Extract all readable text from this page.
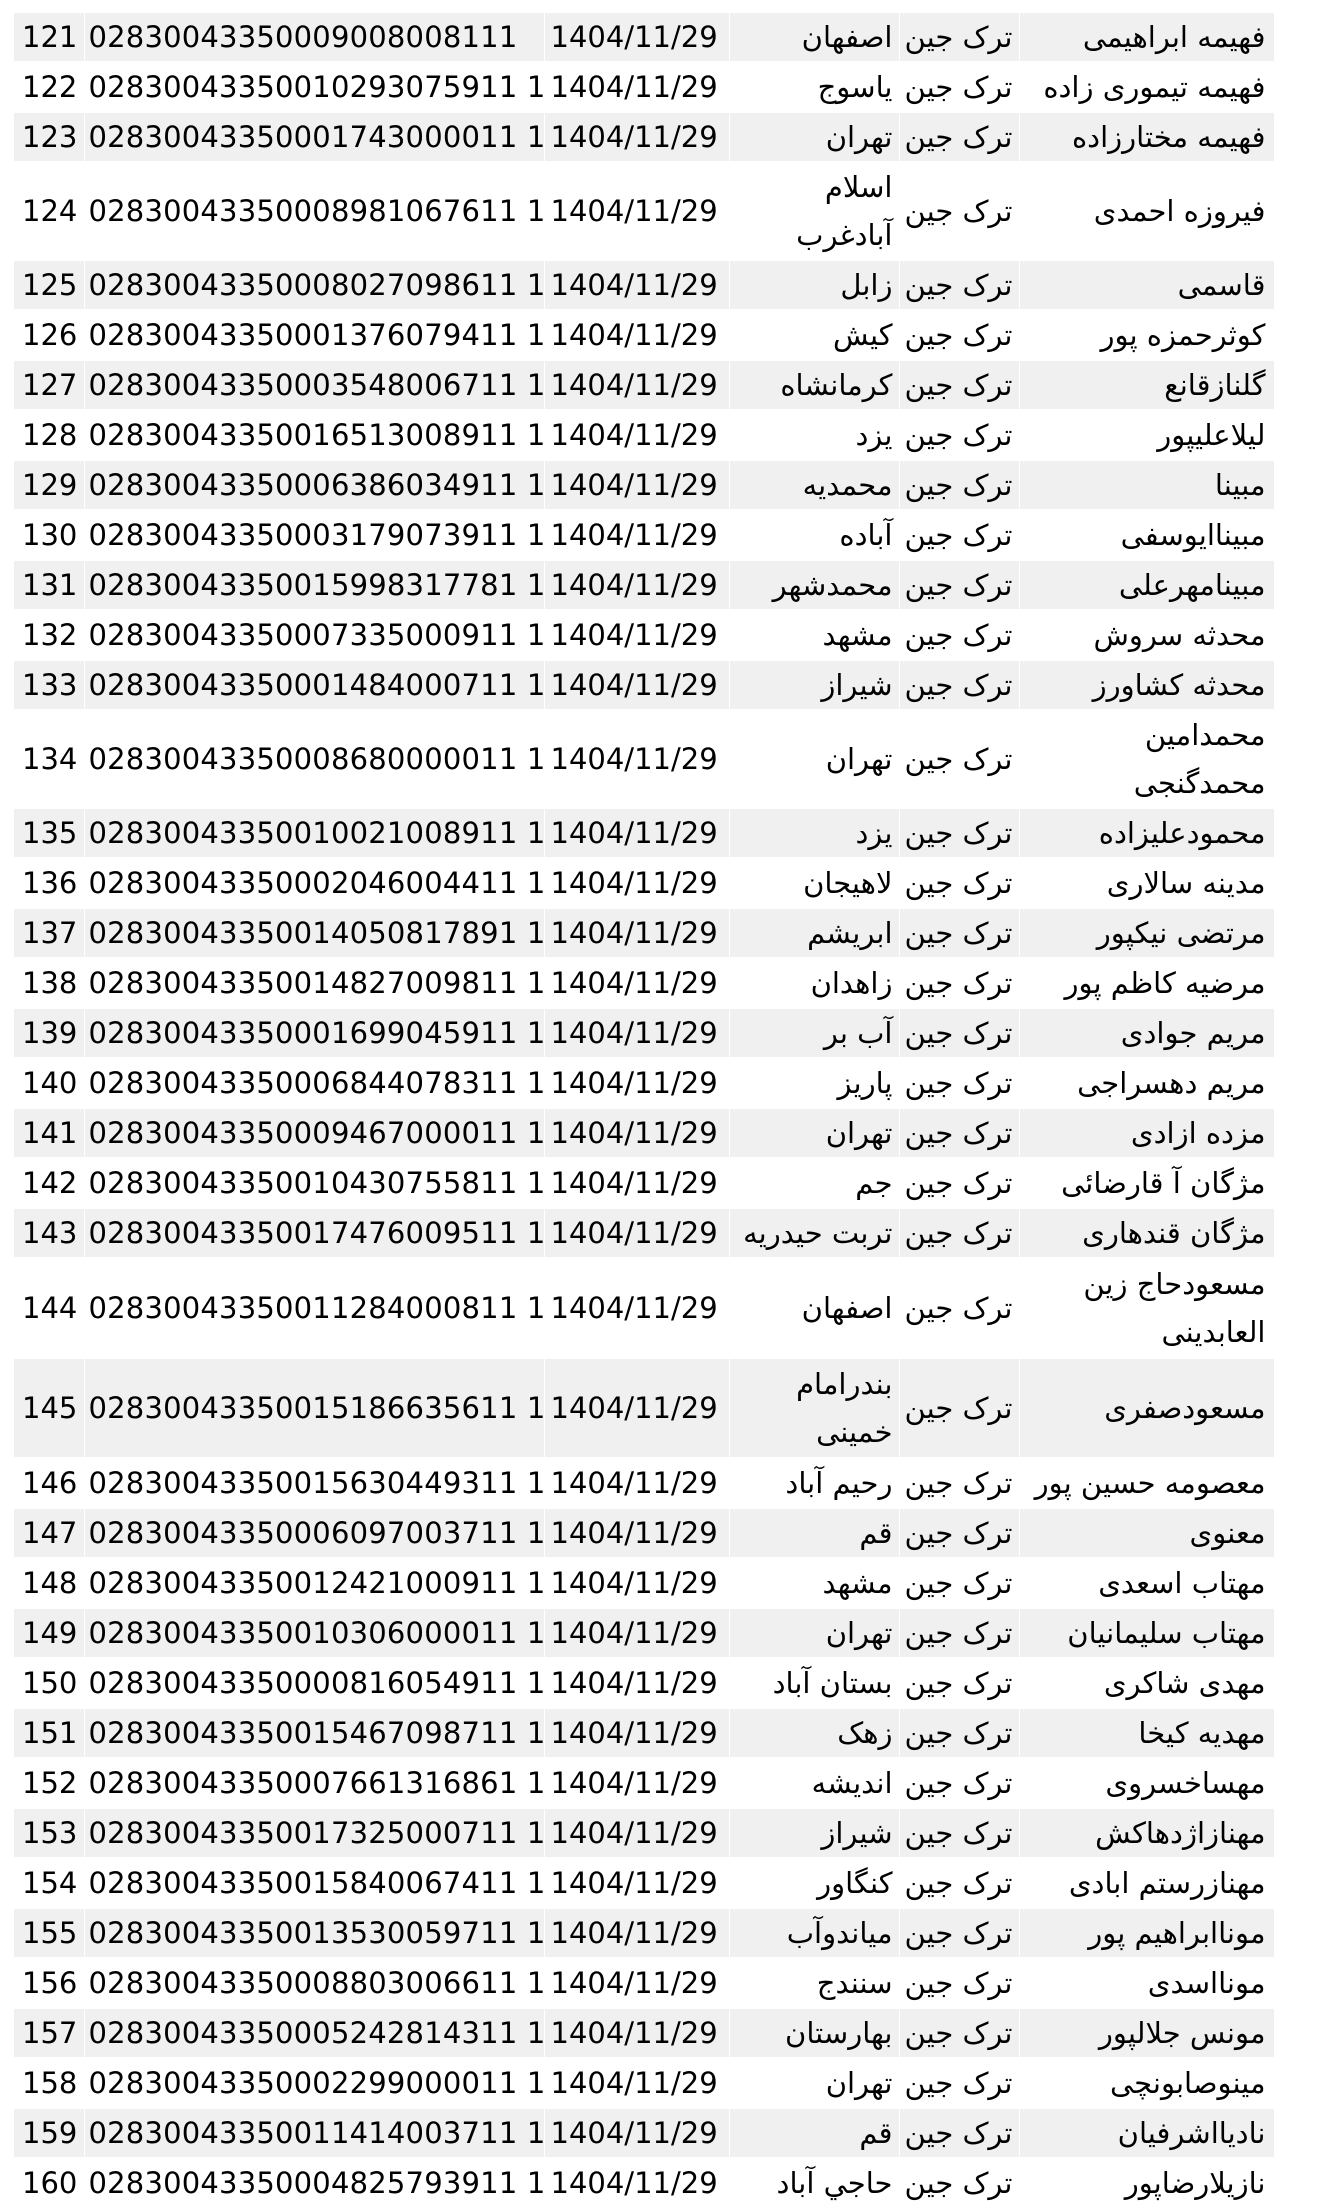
121	02830043350009008008111	1404/11/29	اصفهان	ترک جین	فهیمه ابراهیمی	
122	02830043350010293075911 1	1404/11/29	یاسوج	ترک جین	فهیمه تیموری زاده	
123	02830043350001743000011 1	1404/11/29	تهران	ترک جین	فهیمه مختارزاده	
124	02830043350008981067611 1	1404/11/29	اسلام آبادغرب	ترک جین	فیروزه احمدی	
125	02830043350008027098611 1	1404/11/29	زابل	ترک جین	قاسمی	
126	02830043350001376079411 1	1404/11/29	کیش	ترک جین	کوثرحمزه پور	
127	02830043350003548006711 1	1404/11/29	کرمانشاه	ترک جین	گلنازقانع	
128	02830043350016513008911 1	1404/11/29	یزد	ترک جین	لیلاعلیپور	
129	02830043350006386034911 1	1404/11/29	محمدیه	ترک جین	مبینا	
130	02830043350003179073911 1	1404/11/29	آباده	ترک جین	مبیناایوسفی	
131	02830043350015998317781 1	1404/11/29	محمدشهر	ترک جین	مبینامهرعلی	
132	02830043350007335000911 1	1404/11/29	مشهد	ترک جین	محدثه سروش	
133	02830043350001484000711 1	1404/11/29	شیراز	ترک جین	محدثه کشاورز	
134	02830043350008680000011 1	1404/11/29	تهران	ترک جین	محمدامین محمدگنجی	
135	02830043350010021008911 1	1404/11/29	یزد	ترک جین	محمودعلیزاده	
136	02830043350002046004411 1	1404/11/29	لاهیجان	ترک جین	مدینه سالاری	
137	02830043350014050817891 1	1404/11/29	ابریشم	ترک جین	مرتضی نیکپور	
138	02830043350014827009811 1	1404/11/29	زاهدان	ترک جین	مرضیه کاظم پور	
139	02830043350001699045911 1	1404/11/29	آب بر	ترک جین	مریم جوادی	
140	02830043350006844078311 1	1404/11/29	پاریز	ترک جین	مریم دهسراجی	
141	02830043350009467000011 1	1404/11/29	تهران	ترک جین	مزده ازادی	
142	02830043350010430755811 1	1404/11/29	جم	ترک جین	مژگان آ قارضائی	
143	02830043350017476009511 1	1404/11/29	تربت حیدریه	ترک جین	مژگان قندهاری	
144	02830043350011284000811 1	1404/11/29	اصفهان	ترک جین	مسعودحاج زین العابدینی	
145	02830043350015186635611 1	1404/11/29	بندرامام خمینی	ترک جین	مسعودصفری	
146	02830043350015630449311 1	1404/11/29	رحیم آباد	ترک جین	معصومه حسین پور	
147	02830043350006097003711 1	1404/11/29	قم	ترک جین	معنوی	
148	02830043350012421000911 1	1404/11/29	مشهد	ترک جین	مهتاب اسعدی	
149	02830043350010306000011 1	1404/11/29	تهران	ترک جین	مهتاب سلیمانیان	
150	02830043350000816054911 1	1404/11/29	بستان آباد	ترک جین	مهدی شاکری	
151	02830043350015467098711 1	1404/11/29	زهک	ترک جین	مهدیه کیخا	
152	02830043350007661316861 1	1404/11/29	اندیشه	ترک جین	مهساخسروی	
153	02830043350017325000711 1	1404/11/29	شیراز	ترک جین	مهنازاژدهاکش	
154	02830043350015840067411 1	1404/11/29	کنگاور	ترک جین	مهنازرستم ابادی	
155	02830043350013530059711 1	1404/11/29	میاندوآب	ترک جین	موناابراهیم پور	
156	02830043350008803006611 1	1404/11/29	سنندج	ترک جین	مونااسدی	
157	02830043350005242814311 1	1404/11/29	بهارستان	ترک جین	مونس جلالپور	
158	02830043350002299000011 1	1404/11/29	تهران	ترک جین	مینوصابونچی	
159	02830043350011414003711 1	1404/11/29	قم	ترک جین	نادیااشرفیان	
160	02830043350004825793911 1	1404/11/29	حاجي آباد	ترک جین	نازیلارضاپور	
